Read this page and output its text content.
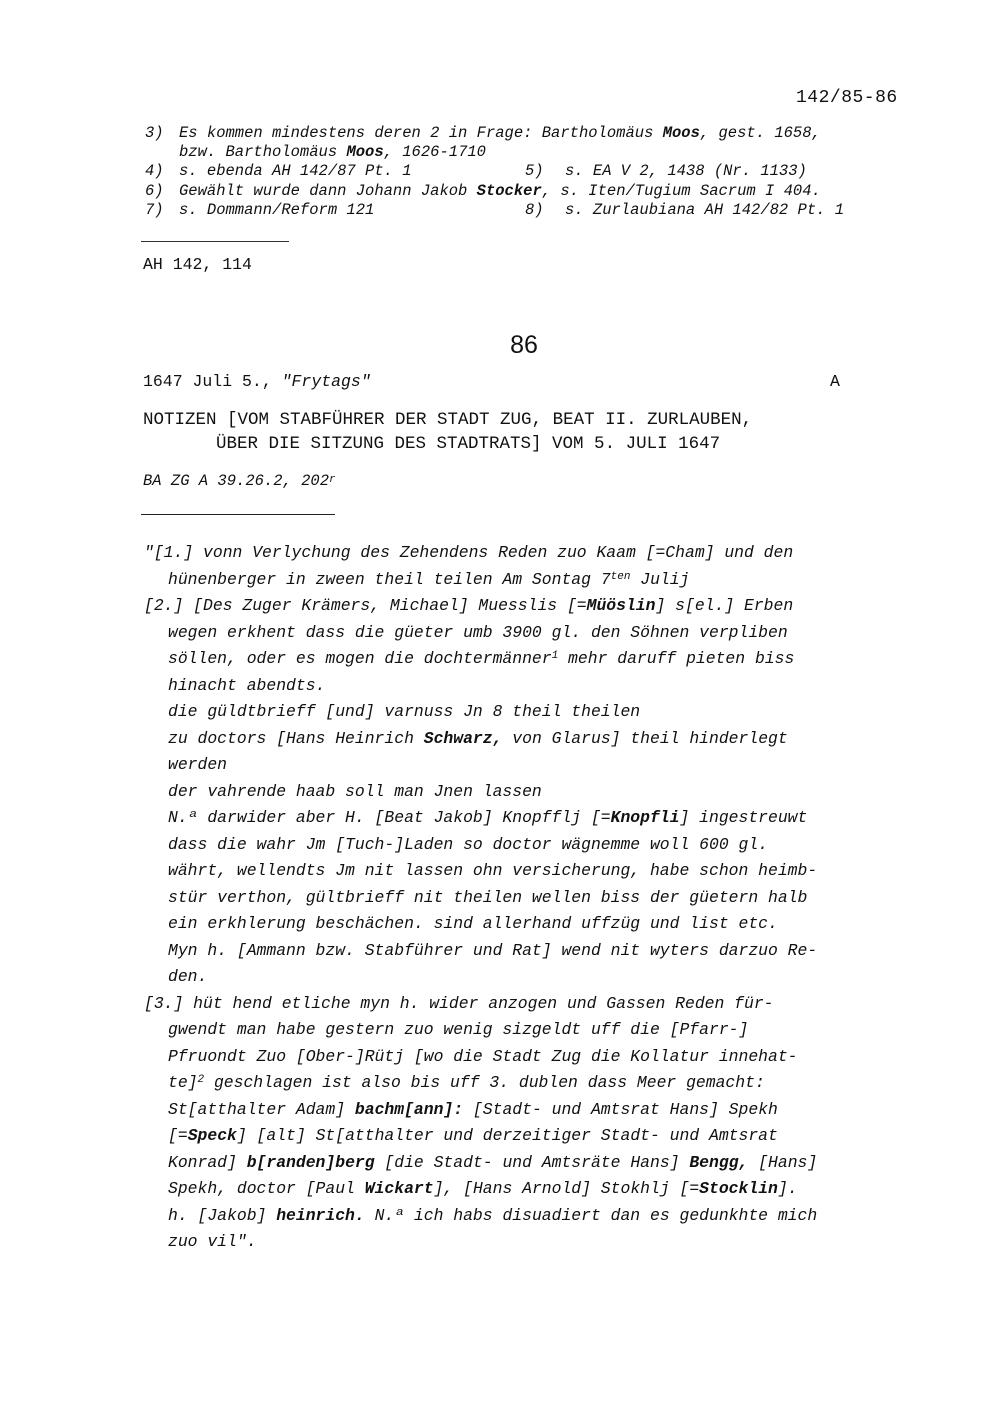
142/85-86
3) Es kommen mindestens deren 2 in Frage: Bartholomäus Moos, gest. 1658,
bzw. Bartholomäus Moos, 1626-1710
4) s. ebenda AH 142/87 Pt. 1	5) s. EA V 2, 1438 (Nr. 1133)
6) Gewählt wurde dann Johann Jakob Stocker, s. Iten/Tugium Sacrum I 404.
7) s. Dommann/Reform 121	8) s. Zurlaubiana AH 142/82 Pt. 1
AH 142, 114
86
1647 Juli 5., "Frytags"	A
NOTIZEN [VOM STABFÜHRER DER STADT ZUG, BEAT II. ZURLAUBEN,
ÜBER DIE SITZUNG DES STADTRATS] VOM 5. JULI 1647
BA ZG A 39.26.2, 202$^r$
"[1.] vonn Verlychung des Zehendens Reden zuo Kaam [=Cham] und den
hünenberger in zween theil teilen Am Sontag $7^{ten}$ Julij
[2.] [Des Zuger Krämers, Michael] Muesslis [=Müöslin] s[el.] Erben
wegen erkhent dass die güeter umb 3900 gl. den Söhnen verpliben
söllen, oder es mogen die dochtermänner$^1$ mehr daruff pieten biss
hinacht abendts.
die güldtbrieff [und] varnuss Jn 8 theil theilen
zu doctors [Hans Heinrich Schwarz, von Glarus] theil hinderlegt
werden
der vahrende haab soll man Jnen lassen
N.ª darwider aber H. [Beat Jakob] Knopfflj [=Knopfli] ingestreuwt
dass die wahr Jm [Tuch-]Laden so doctor wägnemme woll 600 gl.
währt, wellendts Jm nit lassen ohn versicherung, habe schon heimb-
stür verthon, gültbrieff nit theilen wellen biss der güetern halb
ein erkhlerung beschächen. sind allerhand uffzüg und list etc.
Myn h. [Ammann bzw. Stabführer und Rat] wend nit wyters darzuo Re-
den.
[3.] hüt hend etliche myn h. wider anzogen und Gassen Reden für-
gwendt man habe gestern zuo wenig sizgeldt uff die [Pfarr-]
Pfruondt Zuo [Ober-]Rütj [wo die Stadt Zug die Kollatur innehat-
te]$^2$ geschlagen ist also bis uff 3. dublen dass Meer gemacht:
St[atthalter Adam] bachm[ann]: [Stadt- und Amtsrat Hans] Spekh
[=Speck] [alt] St[atthalter und derzeitiger Stadt- und Amtsrat
Konrad] b[randen]berg [die Stadt- und Amtsräte Hans] Bengg, [Hans]
Spekh, doctor [Paul Wickart], [Hans Arnold] Stokhlj [=Stocklin].
h. [Jakob] heinrich. N.ª ich habs disuadiert dan es gedunkhte mich
zuo vil".
